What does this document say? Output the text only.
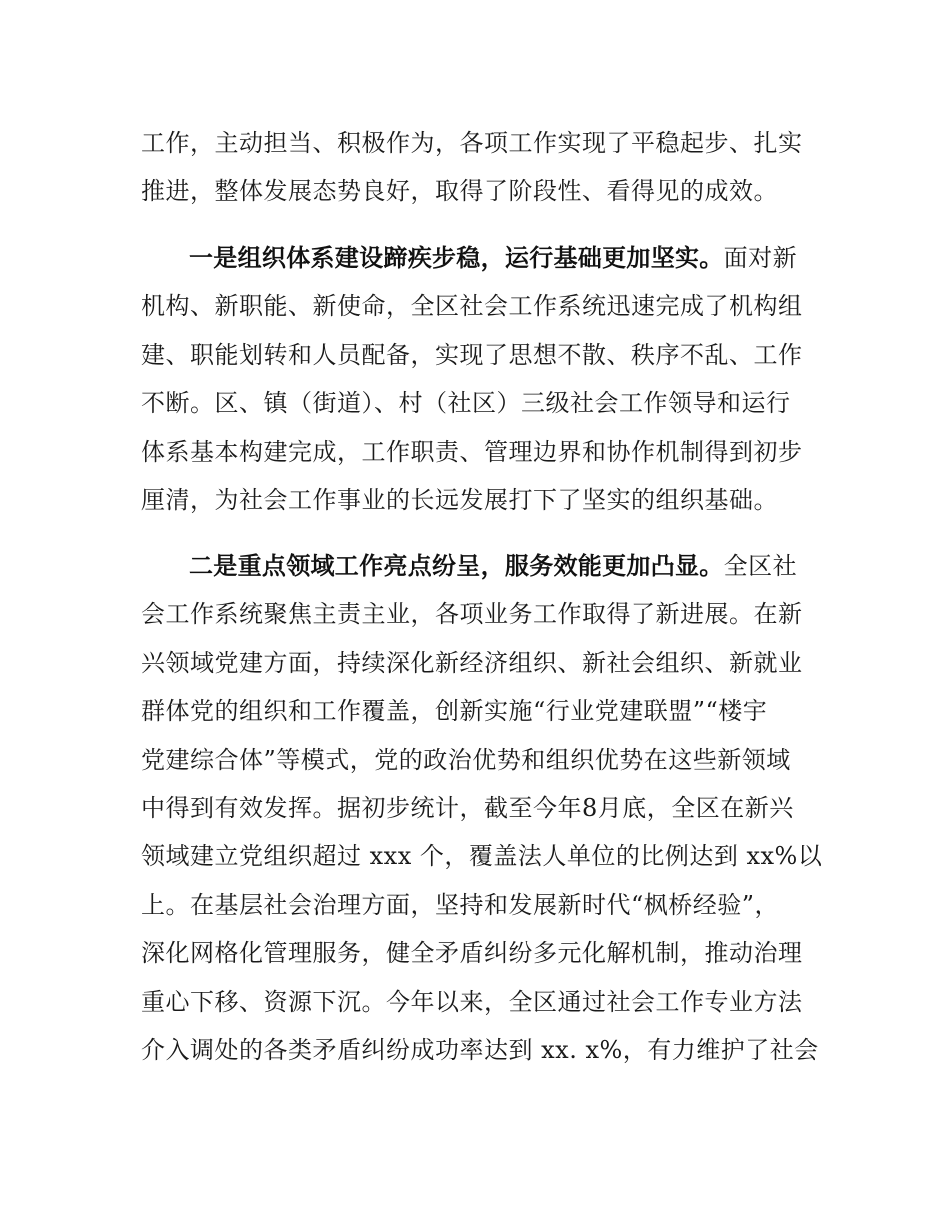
工作，主动担当、积极作为，各项工作实现了平稳起步、扎实
推进，整体发展态势良好，取得了阶段性、看得见的成效。

一是组织体系建设蹄疾步稳，运行基础更加坚实。面对新
机构、新职能、新使命，全区社会工作系统迅速完成了机构组
建、职能划转和人员配备，实现了思想不散、秩序不乱、工作
不断。区、镇（街道）、村（社区）三级社会工作领导和运行
体系基本构建完成，工作职责、管理边界和协作机制得到初步
厘清，为社会工作事业的长远发展打下了坚实的组织基础。

二是重点领域工作亮点纷呈，服务效能更加凸显。全区社
会工作系统聚焦主责主业，各项业务工作取得了新进展。在新
兴领域党建方面，持续深化新经济组织、新社会组织、新就业
群体党的组织和工作覆盖，创新实施“行业党建联盟”“楼宇
党建综合体”等模式，党的政治优势和组织优势在这些新领域
中得到有效发挥。据初步统计，截至今年8月底，全区在新兴
领域建立党组织超过 xxx 个，覆盖法人单位的比例达到 xx%以
上。在基层社会治理方面，坚持和发展新时代“枫桥经验”，
深化网格化管理服务，健全矛盾纠纷多元化解机制，推动治理
重心下移、资源下沉。今年以来，全区通过社会工作专业方法
介入调处的各类矛盾纠纷成功率达到 xx. x%，有力维护了社会
